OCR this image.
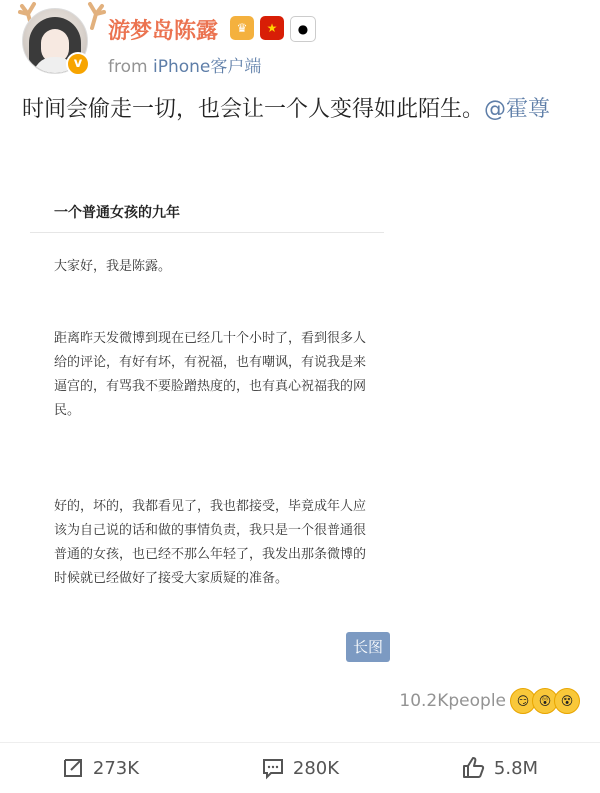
v
游梦岛陈露	♛	★	●
from iPhone客户端
时间会偷走一切，也会让一个人变得如此陌生。@霍尊
一个普通女孩的九年
大家好，我是陈露。
距离昨天发微博到现在已经几十个小时了，看到很多人给的评论，有好有坏，有祝福，也有嘲讽，有说我是来逼宫的，有骂我不要脸蹭热度的，也有真心祝福我的网民。
好的，坏的，我都看见了，我也都接受，毕竟成年人应该为自己说的话和做的事情负责，我只是一个很普通很普通的女孩，也已经不那么年轻了，我发出那条微博的时候就已经做好了接受大家质疑的准备。
长图
10.2Kpeople 😏 😲 😵
273K	280K	5.8M
